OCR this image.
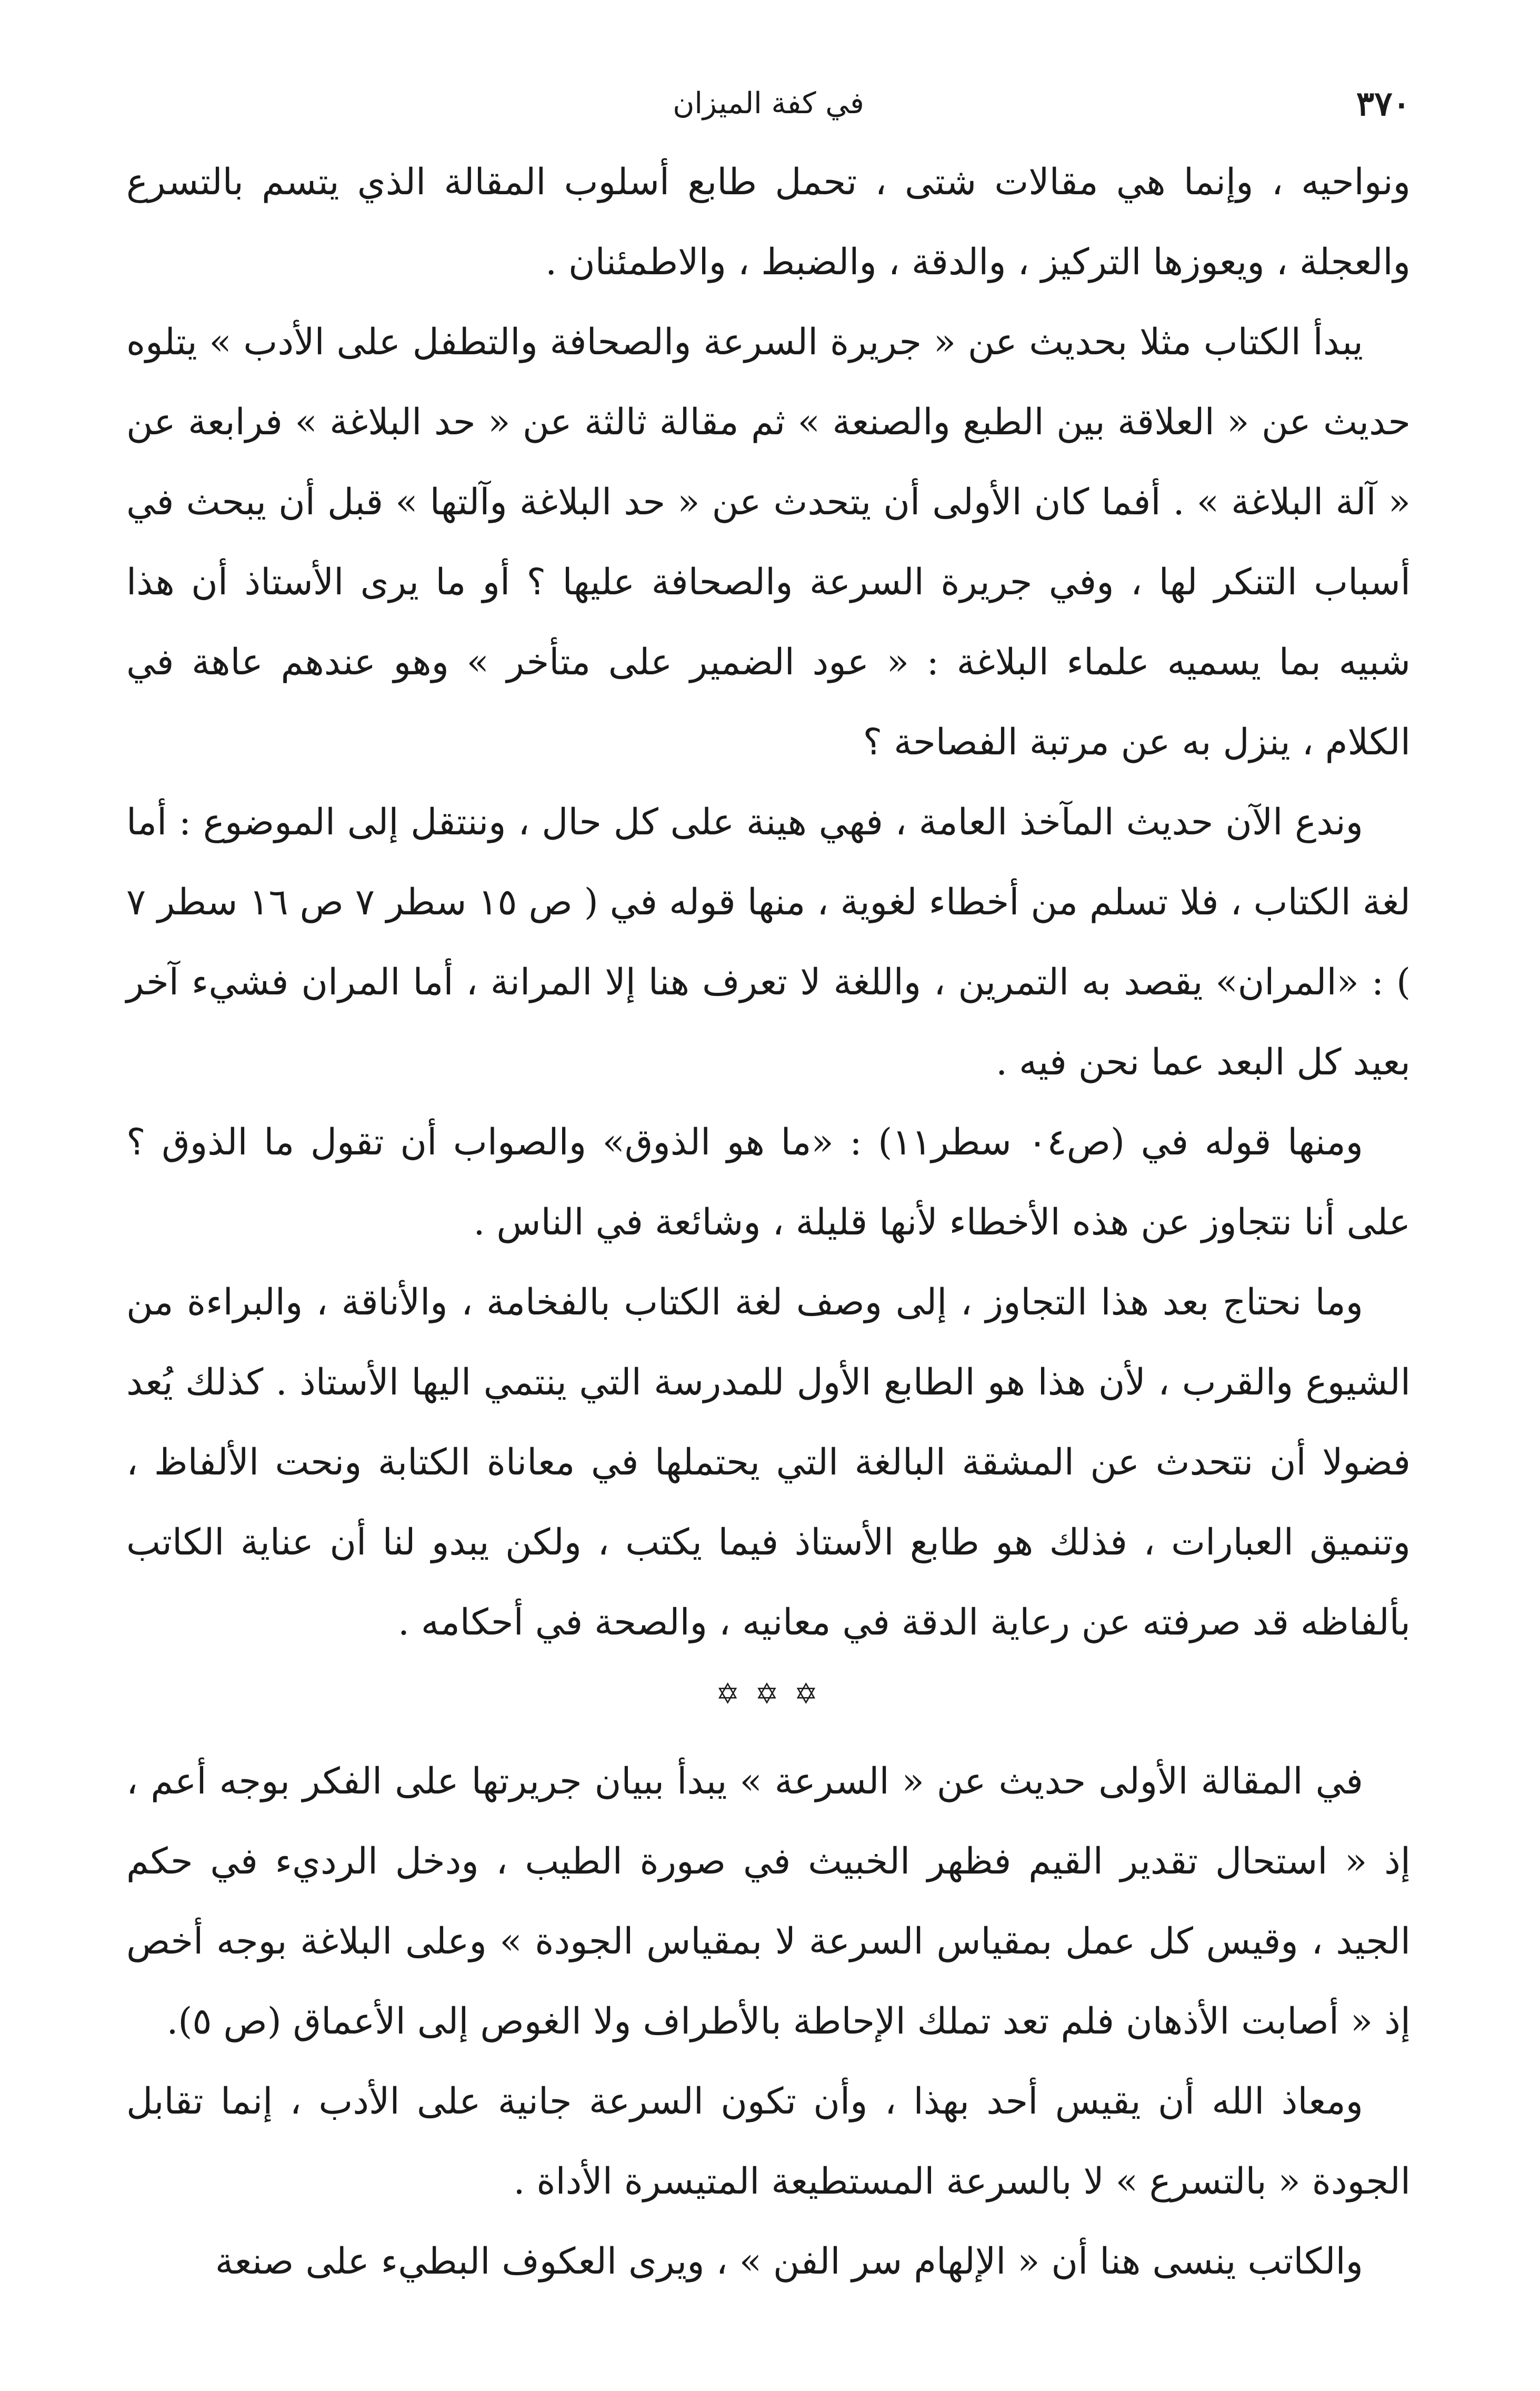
٣٧٠
في كفة الميزان

ونواحيه ، وإنما هي مقالات شتى ، تحمل طابع أسلوب المقالة الذي يتسم بالتسرع والعجلة ، ويعوزها التركيز ، والدقة ، والضبط ، والاطمئنان .

يبدأ الكتاب مثلا بحديث عن « جريرة السرعة والصحافة والتطفل على الأدب » يتلوه حديث عن « العلاقة بين الطبع والصنعة » ثم مقالة ثالثة عن « حد البلاغة » فرابعة عن « آلة البلاغة » . أفما كان الأولى أن يتحدث عن « حد البلاغة وآلتها » قبل أن يبحث في أسباب التنكر لها ، وفي جريرة السرعة والصحافة عليها ؟ أو ما يرى الأستاذ أن هذا شبيه بما يسميه علماء البلاغة : « عود الضمير على متأخر » وهو عندهم عاهة في الكلام ، ينزل به عن مرتبة الفصاحة ؟

وندع الآن حديث المآخذ العامة ، فهي هينة على كل حال ، وننتقل إلى الموضوع : أما لغة الكتاب ، فلا تسلم من أخطاء لغوية ، منها قوله في ( ص ١٥ سطر ٧ ص ١٦ سطر ٧ ) : «المران» يقصد به التمرين ، واللغة لا تعرف هنا إلا المرانة ، أما المران فشيء آخر بعيد كل البعد عما نحن فيه .

ومنها قوله في (ص٠٤ سطر١١) : «ما هو الذوق» والصواب أن تقول ما الذوق ؟ على أنا نتجاوز عن هذه الأخطاء لأنها قليلة ، وشائعة في الناس .

وما نحتاج بعد هذا التجاوز ، إلى وصف لغة الكتاب بالفخامة ، والأناقة ، والبراءة من الشيوع والقرب ، لأن هذا هو الطابع الأول للمدرسة التي ينتمي اليها الأستاذ . كذلك يُعد فضولا أن نتحدث عن المشقة البالغة التي يحتملها في معاناة الكتابة ونحت الألفاظ ، وتنميق العبارات ، فذلك هو طابع الأستاذ فيما يكتب ، ولكن يبدو لنا أن عناية الكاتب بألفاظه قد صرفته عن رعاية الدقة في معانيه ، والصحة في أحكامه .

✡ ✡ ✡

في المقالة الأولى حديث عن « السرعة » يبدأ ببيان جريرتها على الفكر بوجه أعم ، إذ « استحال تقدير القيم فظهر الخبيث في صورة الطيب ، ودخل الرديء في حكم الجيد ، وقيس كل عمل بمقياس السرعة لا بمقياس الجودة » وعلى البلاغة بوجه أخص إذ « أصابت الأذهان فلم تعد تملك الإحاطة بالأطراف ولا الغوص إلى الأعماق (ص ٥).

ومعاذ الله أن يقيس أحد بهذا ، وأن تكون السرعة جانية على الأدب ، إنما تقابل الجودة « بالتسرع » لا بالسرعة المستطيعة المتيسرة الأداة .

والكاتب ينسى هنا أن « الإلهام سر الفن » ، ويرى العكوف البطيء على صنعة
